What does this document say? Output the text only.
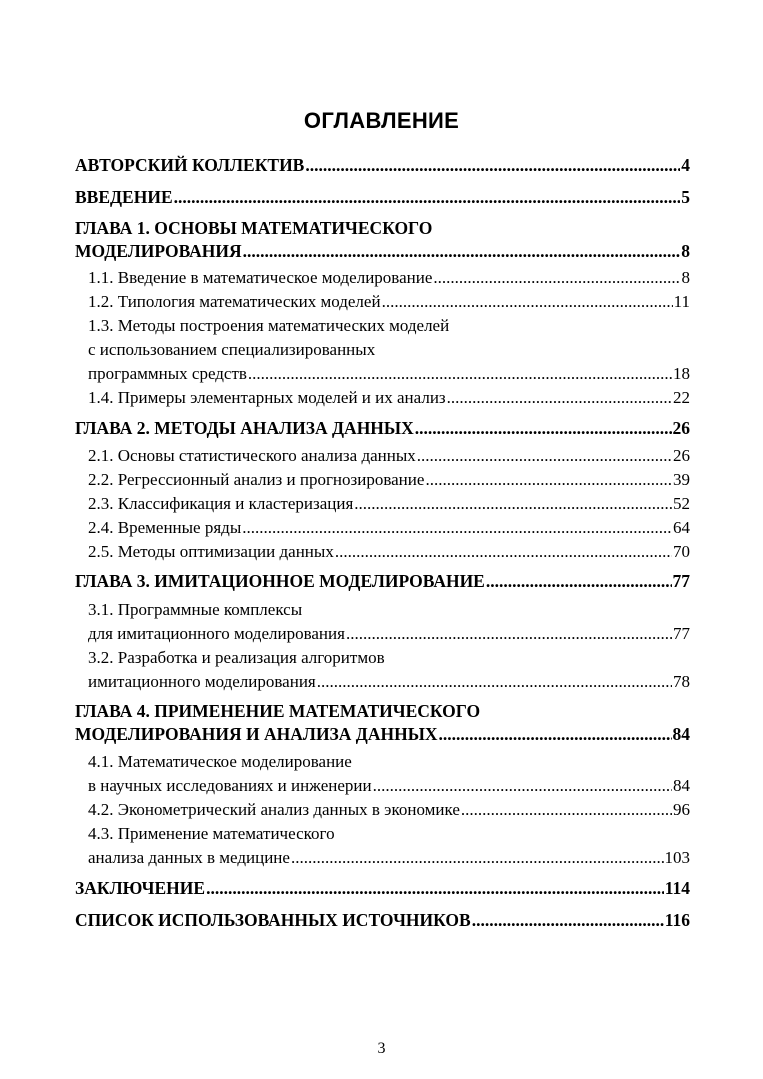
ОГЛАВЛЕНИЕ
АВТОРСКИЙ КОЛЛЕКТИВ .....	4
ВВЕДЕНИЕ .....	5
ГЛАВА 1. ОСНОВЫ МАТЕМАТИЧЕСКОГО
МОДЕЛИРОВАНИЯ .....	8
1.1. Введение в математическое моделирование .....	8
1.2. Типология математических моделей .....	11
1.3. Методы построения математических моделей
с использованием специализированных
программных средств .....	18
1.4. Примеры элементарных моделей и их анализ .....	22
ГЛАВА 2. МЕТОДЫ АНАЛИЗА ДАННЫХ .....	26
2.1. Основы статистического анализа данных .....	26
2.2. Регрессионный анализ и прогнозирование .....	39
2.3. Классификация и кластеризация .....	52
2.4. Временные ряды .....	64
2.5. Методы оптимизации данных .....	70
ГЛАВА 3. ИМИТАЦИОННОЕ МОДЕЛИРОВАНИЕ .....	77
3.1. Программные комплексы
для имитационного моделирования .....	77
3.2. Разработка и реализация алгоритмов
имитационного моделирования .....	78
ГЛАВА 4. ПРИМЕНЕНИЕ МАТЕМАТИЧЕСКОГО
МОДЕЛИРОВАНИЯ И АНАЛИЗА ДАННЫХ .....	84
4.1. Математическое моделирование
в научных исследованиях и инженерии .....	84
4.2. Эконометрический анализ данных в экономике .....	96
4.3. Применение математического
анализа данных в медицине .....	103
ЗАКЛЮЧЕНИЕ .....	114
СПИСОК ИСПОЛЬЗОВАННЫХ ИСТОЧНИКОВ .....	116
3
